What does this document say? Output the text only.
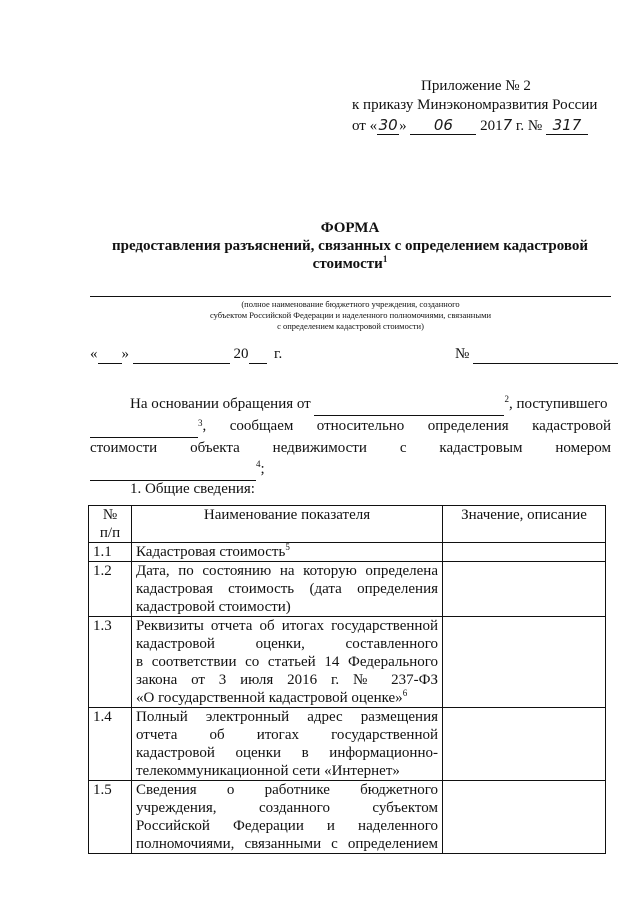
Приложение № 2
к приказу Минэкономразвития России
от «30» 06 2017 г. № 317
ФОРМА
предоставления разъяснений, связанных с определением кадастровой
стоимости$^1$
(полное наименование бюджетного учреждения, созданного
субъектом Российской Федерации и наделенного полномочиями, связанными
с определением кадастровой стоимости)
« »	20 г.	№
На основании обращения от	$^2$, поступившего

3 , сообщаем относительно определения кадастровой
стоимости объекта недвижимости с кадастровым номером
$^4$;
1. Общие сведения:
№
п/п	Наименование показателя	Значение, описание
1.1	Кадастровая стоимость$^5$	
1.2	Дата, по состоянию на которую определена
кадастровая стоимость (дата определения
кадастровой стоимости)	

1.3	Реквизиты отчета об итогах государственной
кадастровой оценки, составленного
в соответствии со статьей 14 Федерального
закона от 3 июля 2016 г. № 237-ФЗ
«О государственной кадастровой оценке»$^6$

1.4	Полный электронный адрес размещения
отчета об итогах государственной
кадастровой оценки в информационно-
телекоммуникационной сети «Интернет»	

1.5	Сведения о работнике бюджетного
учреждения, созданного субъектом
Российской Федерации и наделенного
полномочиями, связанными с определением	
